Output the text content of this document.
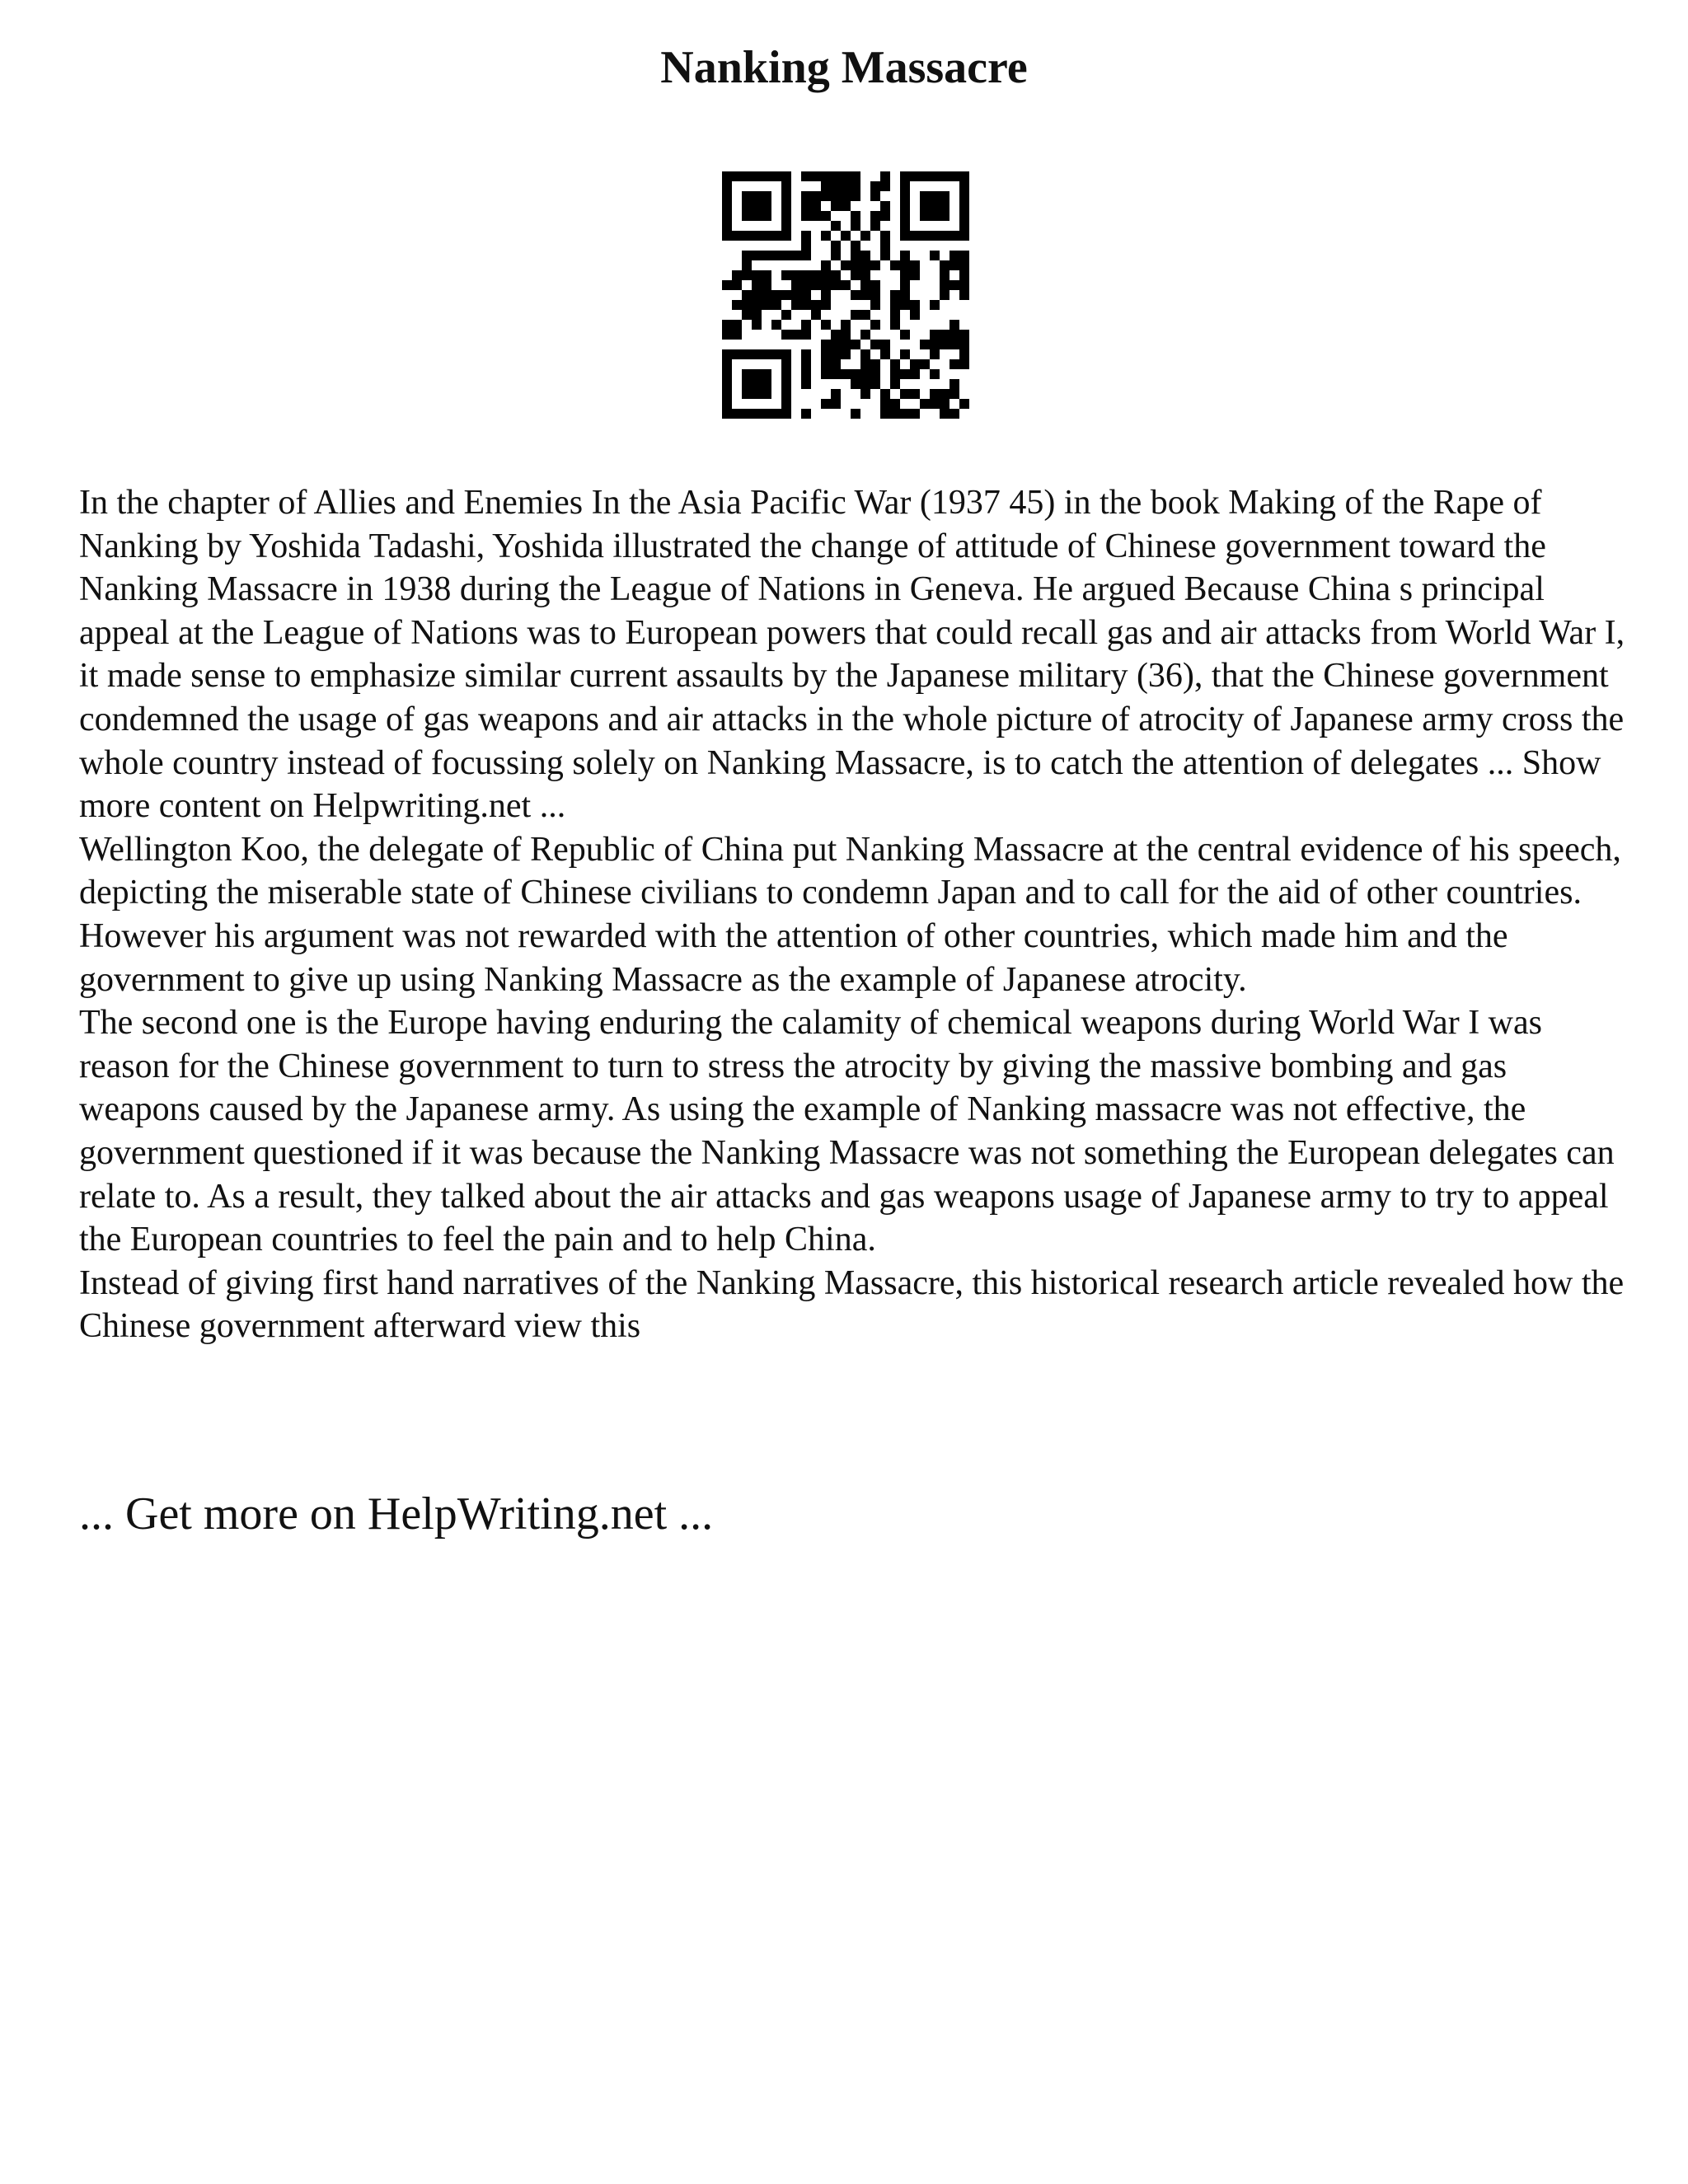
Nanking Massacre

In the chapter of Allies and Enemies In the Asia Pacific War (1937 45) in the book Making of the Rape of Nanking by Yoshida Tadashi, Yoshida illustrated the change of attitude of Chinese government toward the Nanking Massacre in 1938 during the League of Nations in Geneva. He argued Because China s principal appeal at the League of Nations was to European powers that could recall gas and air attacks from World War I, it made sense to emphasize similar current assaults by the Japanese military (36), that the Chinese government condemned the usage of gas weapons and air attacks in the whole picture of atrocity of Japanese army cross the whole country instead of focussing solely on Nanking Massacre, is to catch the attention of delegates ... Show more content on Helpwriting.net ...

Wellington Koo, the delegate of Republic of China put Nanking Massacre at the central evidence of his speech, depicting the miserable state of Chinese civilians to condemn Japan and to call for the aid of other countries. However his argument was not rewarded with the attention of other countries, which made him and the government to give up using Nanking Massacre as the example of Japanese atrocity.

The second one is the Europe having enduring the calamity of chemical weapons during World War I was reason for the Chinese government to turn to stress the atrocity by giving the massive bombing and gas weapons caused by the Japanese army. As using the example of Nanking massacre was not effective, the government questioned if it was because the Nanking Massacre was not something the European delegates can relate to. As a result, they talked about the air attacks and gas weapons usage of Japanese army to try to appeal the European countries to feel the pain and to help China.

Instead of giving first hand narratives of the Nanking Massacre, this historical research article revealed how the Chinese government afterward view this

... Get more on HelpWriting.net ...
